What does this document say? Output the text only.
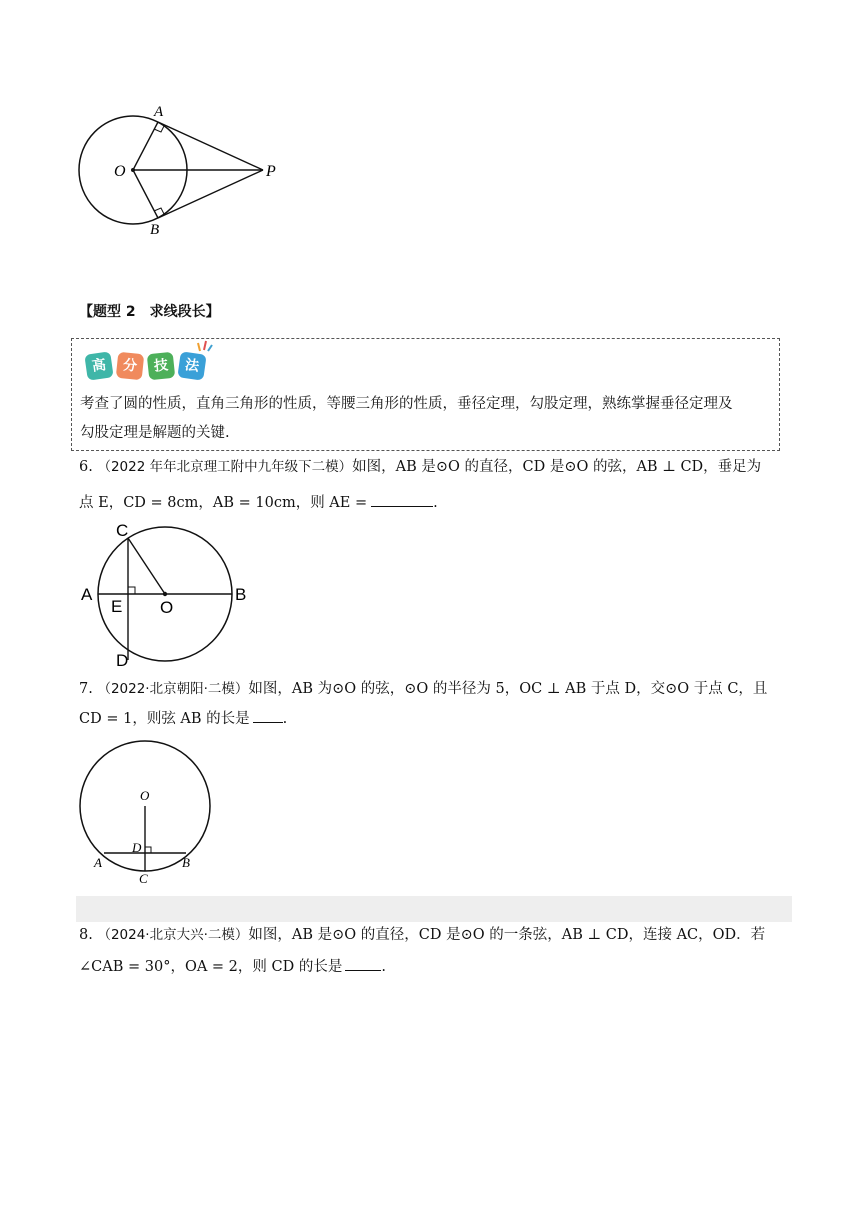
A
B
O	P
【题型 2　求线段长】
高	分	技	法
考查了圆的性质，直角三角形的性质，等腰三角形的性质，垂径定理，勾股定理，熟练掌握垂径定理及
勾股定理是解题的关键.
6. （2022 年年北京理工附中九年级下二模）如图，AB 是⊙O 的直径，CD 是⊙O 的弦，AB ⊥ CD，垂足为
点 E，CD = 8cm，AB = 10cm，则 AE =	.
C
A
E O
B
D
7. （2022·北京朝阳·二模）如图，AB 为⊙O 的弦，⊙O 的半径为 5，OC ⊥ AB 于点 D，交⊙O 于点 C，且
CD = 1，则弦 AB 的长是 .
O
D
A	B
C
8. （2024·北京大兴·二模）如图，AB 是⊙O 的直径，CD 是⊙O 的一条弦，AB ⊥ CD，连接 AC，OD．若
∠CAB = 30°，OA = 2，则 CD 的长是	.
